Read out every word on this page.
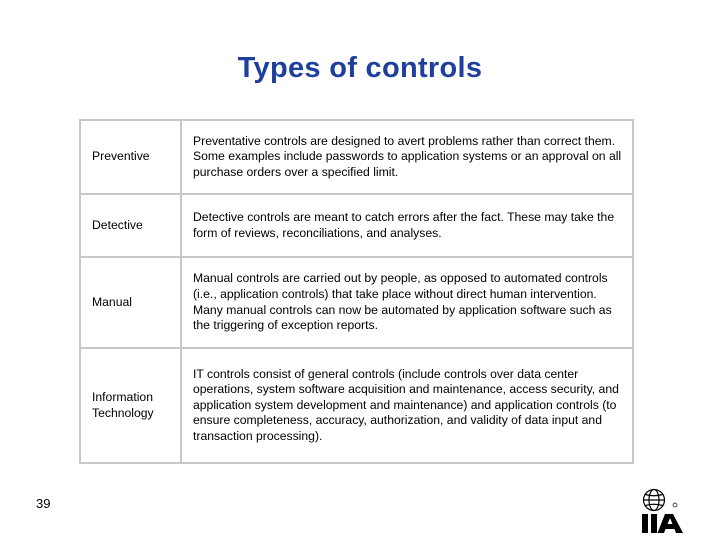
Types of controls
Preventive	Preventative controls are designed to avert problems rather than correct them. Some examples include passwords to application systems or an approval on all purchase orders over a specified limit.
Detective	Detective controls are meant to catch errors after the fact. These may take the form of reviews, reconciliations, and analyses.
Manual	Manual controls are carried out by people, as opposed to automated controls (i.e., application controls) that take place without direct human intervention. Many manual controls can now be automated by application software such as the triggering of exception reports.
Information Technology	IT controls consist of general controls (include controls over data center operations, system software acquisition and maintenance, access security, and application system development and maintenance) and application controls (to ensure completeness, accuracy, authorization, and validity of data input and transaction processing).
39
